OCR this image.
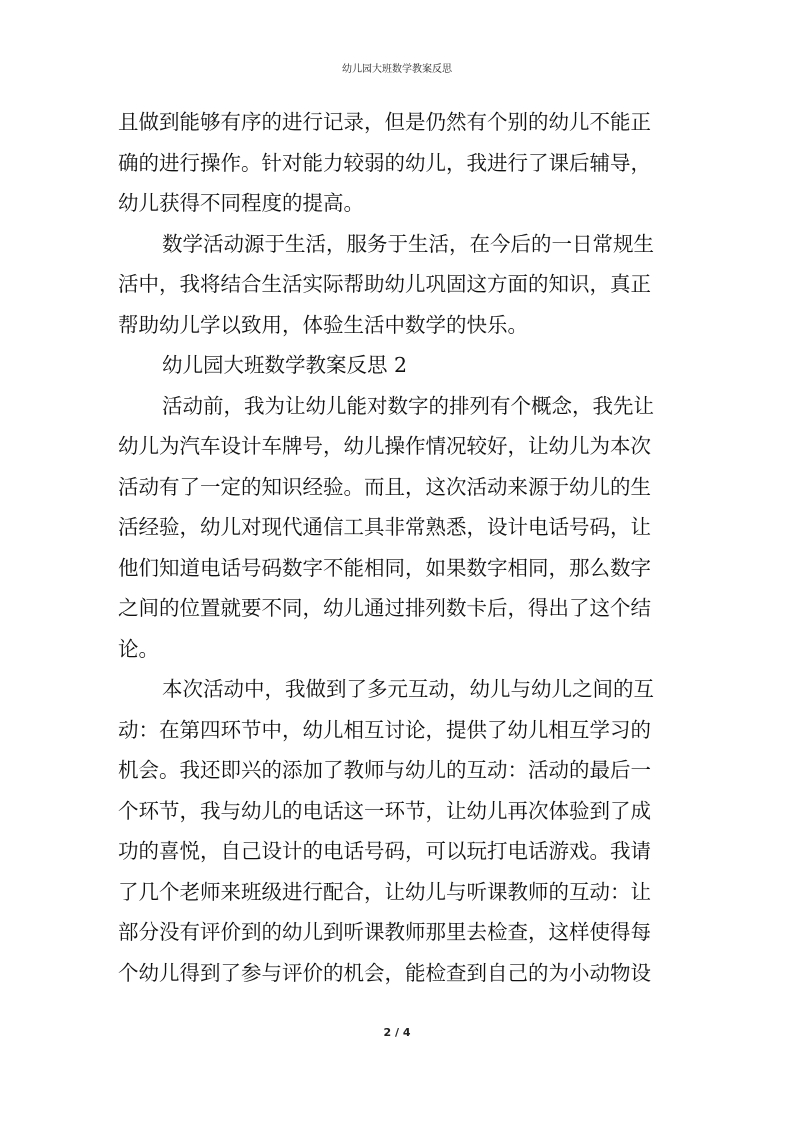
幼儿园大班数学教案反思
且做到能够有序的进行记录，但是仍然有个别的幼儿不能正
确的进行操作。针对能力较弱的幼儿，我进行了课后辅导，
幼儿获得不同程度的提高。
数学活动源于生活，服务于生活，在今后的一日常规生
活中，我将结合生活实际帮助幼儿巩固这方面的知识，真正
帮助幼儿学以致用，体验生活中数学的快乐。
幼儿园大班数学教案反思 2
活动前，我为让幼儿能对数字的排列有个概念，我先让
幼儿为汽车设计车牌号，幼儿操作情况较好，让幼儿为本次
活动有了一定的知识经验。而且，这次活动来源于幼儿的生
活经验，幼儿对现代通信工具非常熟悉，设计电话号码，让
他们知道电话号码数字不能相同，如果数字相同，那么数字
之间的位置就要不同，幼儿通过排列数卡后，得出了这个结
论。
本次活动中，我做到了多元互动，幼儿与幼儿之间的互
动：在第四环节中，幼儿相互讨论，提供了幼儿相互学习的
机会。我还即兴的添加了教师与幼儿的互动：活动的最后一
个环节，我与幼儿的电话这一环节，让幼儿再次体验到了成
功的喜悦，自己设计的电话号码，可以玩打电话游戏。我请
了几个老师来班级进行配合，让幼儿与听课教师的互动：让
部分没有评价到的幼儿到听课教师那里去检查，这样使得每
个幼儿得到了参与评价的机会，能检查到自己的为小动物设
2 / 4
